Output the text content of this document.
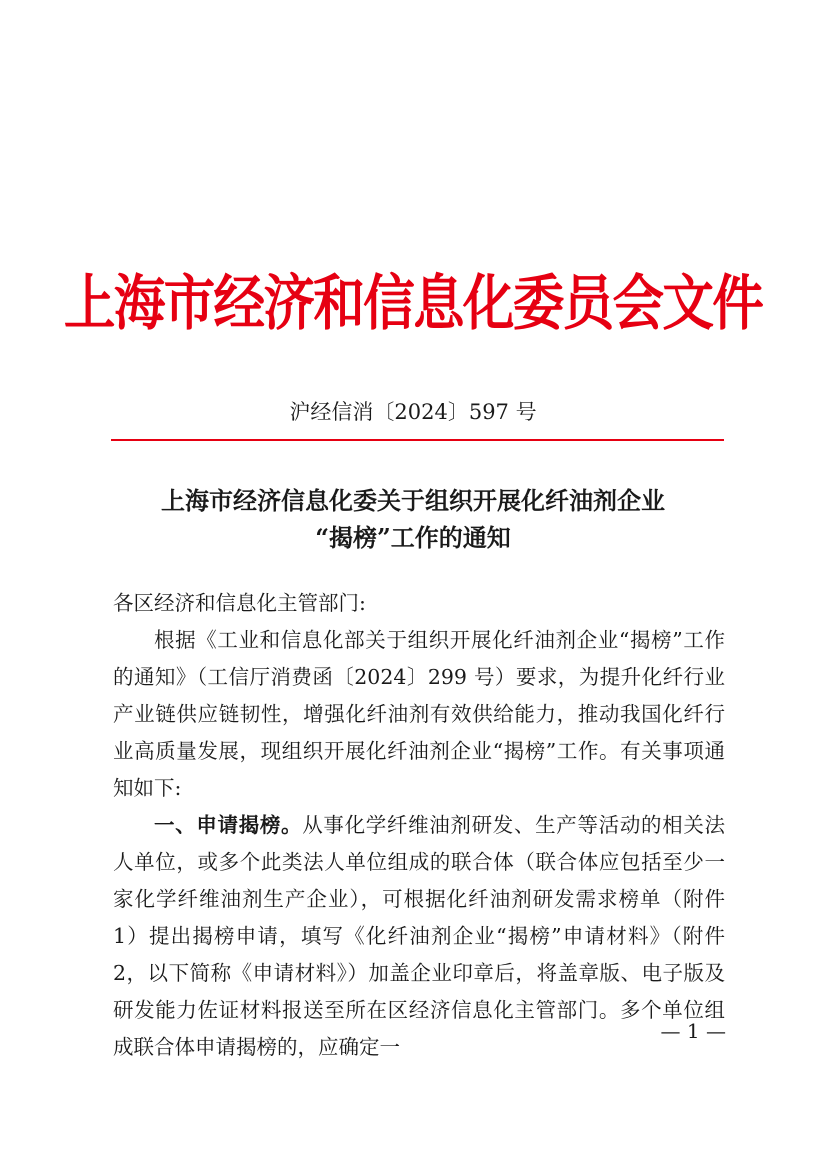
上海市经济和信息化委员会文件
沪经信消〔2024〕597 号
上海市经济信息化委关于组织开展化纤油剂企业
“揭榜”工作的通知

各区经济和信息化主管部门:

根据《工业和信息化部关于组织开展化纤油剂企业“揭榜”工作的通知》（工信厅消费函〔2024〕299 号）要求，为提升化纤行业产业链供应链韧性，增强化纤油剂有效供给能力，推动我国化纤行业高质量发展，现组织开展化纤油剂企业“揭榜”工作。有关事项通知如下:

一、申请揭榜。从事化学纤维油剂研发、生产等活动的相关法人单位，或多个此类法人单位组成的联合体（联合体应包括至少一家化学纤维油剂生产企业），可根据化纤油剂研发需求榜单（附件 1）提出揭榜申请，填写《化纤油剂企业“揭榜”申请材料》（附件 2，以下简称《申请材料》）加盖企业印章后，将盖章版、电子版及研发能力佐证材料报送至所在区经济信息化主管部门。多个单位组成联合体申请揭榜的，应确定一

— 1 —
